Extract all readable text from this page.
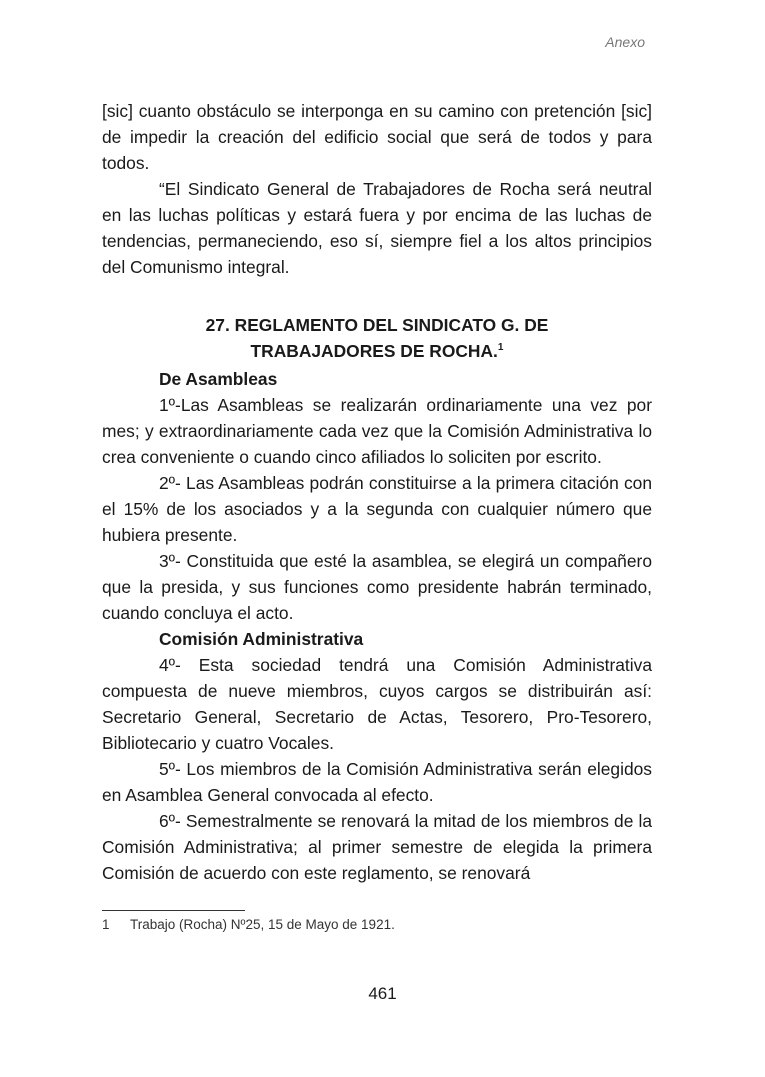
Anexo

[sic] cuanto obstáculo se interponga en su camino con pretención [sic] de impedir la creación del edificio social que será de todos y para todos.

“El Sindicato General de Trabajadores de Rocha será neutral en las luchas políticas y estará fuera y por encima de las luchas de tendencias, permaneciendo, eso sí, siempre fiel a los altos principios del Comunismo integral.

27. REGLAMENTO DEL SINDICATO G. DE
TRABAJADORES DE ROCHA.$^1$
De Asambleas

1º-Las Asambleas se realizarán ordinariamente una vez por mes; y extraordinariamente cada vez que la Comisión Administrativa lo crea conveniente o cuando cinco afiliados lo soliciten por escrito.

2º- Las Asambleas podrán constituirse a la primera citación con el 15% de los asociados y a la segunda con cualquier número que hubiera presente.

3º- Constituida que esté la asamblea, se elegirá un compañero que la presida, y sus funciones como presidente habrán terminado, cuando concluya el acto.

Comisión Administrativa

4º- Esta sociedad tendrá una Comisión Administrativa compuesta de nueve miembros, cuyos cargos se distribuirán así: Secretario General, Secretario de Actas, Tesorero, Pro-Tesorero, Bibliotecario y cuatro Vocales.

5º- Los miembros de la Comisión Administrativa serán elegidos en Asamblea General convocada al efecto.

6º- Semestralmente se renovará la mitad de los miembros de la Comisión Administrativa; al primer semestre de elegida la primera Comisión de acuerdo con este reglamento, se renovará

1 Trabajo (Rocha) Nº25, 15 de Mayo de 1921.
461
